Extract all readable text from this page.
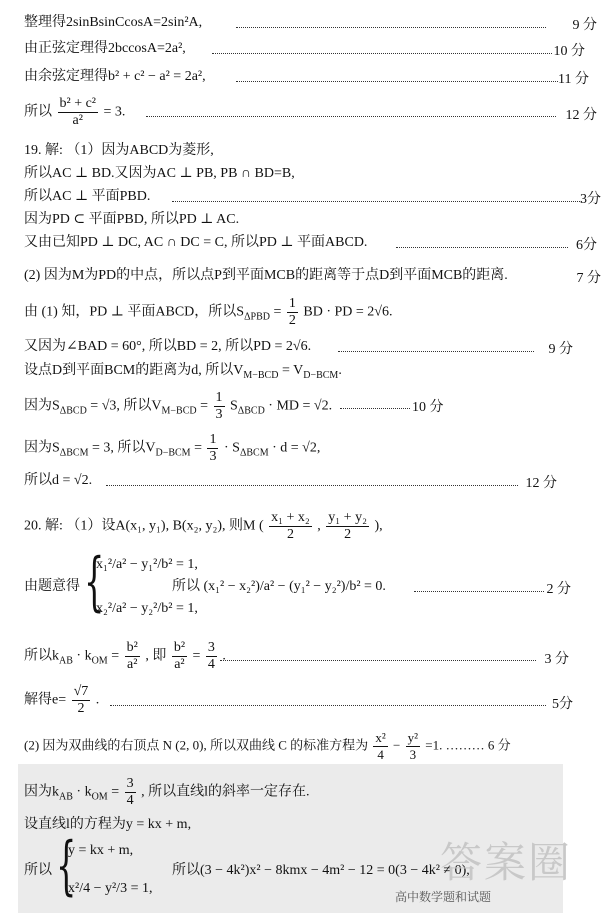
整理得2sinBsinCcosA=2sin²A,	9 分
由正弦定理得2bccosA=2a²,	10 分
由余弦定理得b² + c² − a² = 2a²,	11 分
所以 $\frac{\text{b² + c²}}{\text{a²}} = 3$.	12 分
19. 解: （1）因为ABCD为菱形,
所以AC ⊥ BD.又因为AC ⊥ PB, PB ∩ BD=B,
所以AC ⊥ 平面PBD.	3分
因为PD ⊂ 平面PBD, 所以PD ⊥ AC.
又由已知PD ⊥ DC, AC ∩ DC = C, 所以PD ⊥ 平面ABCD.	6分
(2) 因为M为PD的中点，所以点P到平面MCB的距离等于点D到平面MCB的距离.	7 分
由 (1) 知，PD ⊥ 平面ABCD，所以$S_{\Delta PBD} = \frac{1}{2}$ BD · PD = 2√6.
又因为∠BAD = 60°, 所以BD = 2, 所以PD = 2√6.	9 分
设点D到平面BCM的距离为d, 所以$V_{M-BCD} = V_{D-BCM}$.
因为$S_{\Delta BCD} = √3$, 所以$V_{M-BCD} = \frac{1}{3} S_{\Delta BCD}$ · MD = √2.	10 分
因为$S_{\Delta BCM} = 3$, 所以$V_{D-BCM} = \frac{1}{3} \cdot S_{\Delta BCM} \cdot d = √2$,
所以d = √2.	12 分
20. 解: （1）设A(x₁, y₁), B(x₂, y₂), 则M ( $\frac{\text{x₁ + x₂}}{2}$ , $\frac{\text{y₁ + y₂}}{2}$ ),
由题意得 {
x₁²/a² − y₁²/b² = 1,
x₂²/a² − y₂²/b² = 1,
所以 (x₁² − x₂²)/a² − (y₁² − y₂²)/b² = 0.	2 分
所以$k_{AB} \cdot k_{OM} = \frac{\text{b²}}{\text{a²}}$ , 即 $\frac{\text{b²}}{\text{a²}} = \frac{3}{4}$ .	3 分
解得$e= \frac{√7}{2}$ .	5分
(2) 因为双曲线的右顶点 N (2, 0), 所以双曲线 C 的标准方程为 $\frac{\text{x²}}{4} - \frac{\text{y²}}{3} =1$. ……… 6 分
因为$k_{AB} \cdot k_{OM} = \frac{3}{4}$ , 所以直线l的斜率一定存在.
设直线l的方程为y = kx + m,
所以 {
y = kx + m,
x²/4 − y²/3 = 1,
所以(3 − 4k²)x² − 8kmx − 4m² − 12 = 0(3 − 4k² ≠ 0),
答案圈
高中数学题和试题
